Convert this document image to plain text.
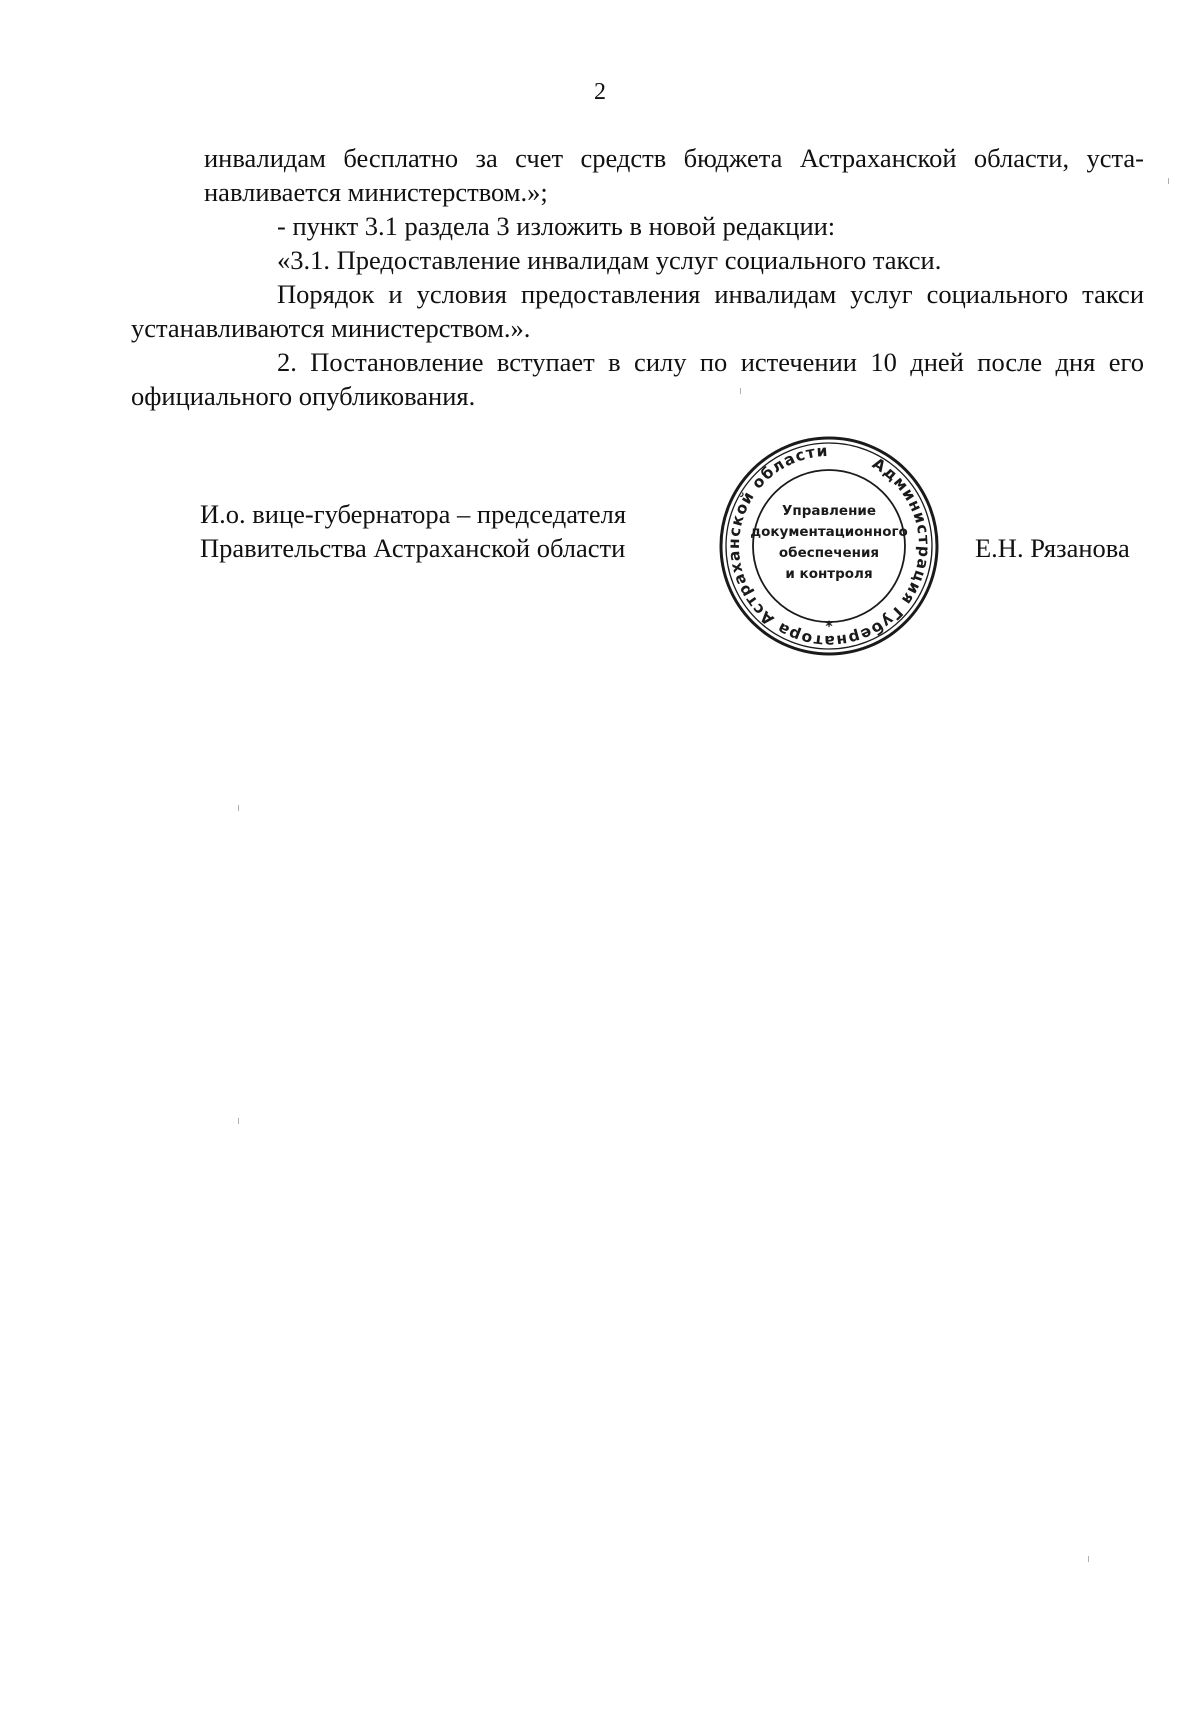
2

инвалидам бесплатно за счет средств бюджета Астраханской области, уста-
навливается министерством.»;

- пункт 3.1 раздела 3 изложить в новой редакции:

«3.1. Предоставление инвалидам услуг социального такси.

Порядок и условия предоставления инвалидам услуг социального такси
устанавливаются министерством.».

2. Постановление вступает в силу по истечении 10 дней после дня его
официального опубликования.

И.о. вице-губернатора – председателя
Правительства Астраханской области
Администрация Губернатора Астраханской области
*
Управление
документационного
обеспечения
и контроля
Е.Н. Рязанова
